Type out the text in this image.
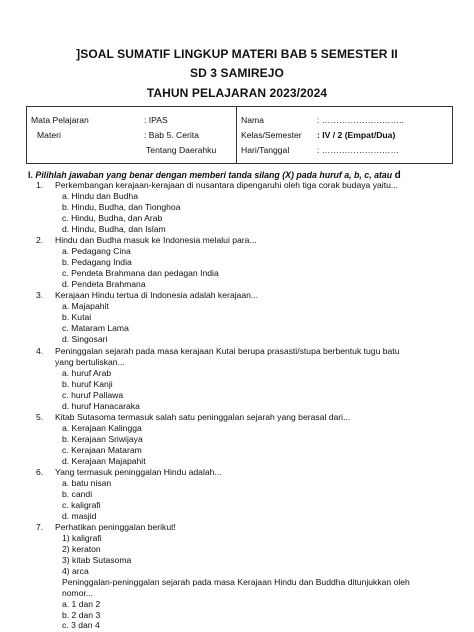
]SOAL SUMATIF LINGKUP MATERI BAB 5 SEMESTER II
SD 3 SAMIREJO
TAHUN PELAJARAN 2023/2024
Mata Pelajaran	: IPAS
Materi	: Bab 5. Cerita
Tentang Daerahku
Nama	: ………………………..
Kelas/Semester : IV / 2 (Empat/Dua)
Hari/Tanggal	: ………………………
I. Pilihlah jawaban yang benar dengan memberi tanda silang (X) pada huruf a, b, c, atau d
1. Perkembangan kerajaan-kerajaan di nusantara dipengaruhi oleh tiga corak budaya yaitu...
a. Hindu dan Budha
b. Hindu, Budha, dan Tionghoa
c. Hindu, Budha, dan Arab
d. Hindu, Budha, dan Islam
2. Hindu dan Budha masuk ke Indonesia melalui para...
a. Pedagang Cina
b. Pedagang India
c. Pendeta Brahmana dan pedagan India
d. Pendeta Brahmana
3. Kerajaan Hindu tertua di Indonesia adalah kerajaan...
a. Majapahit
b. Kutai
c. Mataram Lama
d. Singosari
4. Peninggalan sejarah pada masa kerajaan Kutai berupa prasasti/stupa berbentuk tugu batu
yang bertuliskan...
a. huruf Arab
b. huruf Kanji
c. huruf Pallawa
d. huruf Hanacaraka
5. Kitab Sutasoma termasuk salah satu peninggalan sejarah yang berasal dari...
a. Kerajaan Kalingga
b. Kerajaan Sriwijaya
c. Kerajaan Mataram
d. Kerajaan Majapahit
6. Yang termasuk peninggalan Hindu adalah...
a. batu nisan
b. candi
c. kaligrafi
d. masjid
7. Perhatikan peninggalan berikut!
1) kaligrafi
2) keraton
3) kitab Sutasoma
4) arca
Peninggalan-peninggalan sejarah pada masa Kerajaan Hindu dan Buddha ditunjukkan oleh
nomor...
a. 1 dan 2
b. 2 dan 3
c. 3 dan 4
